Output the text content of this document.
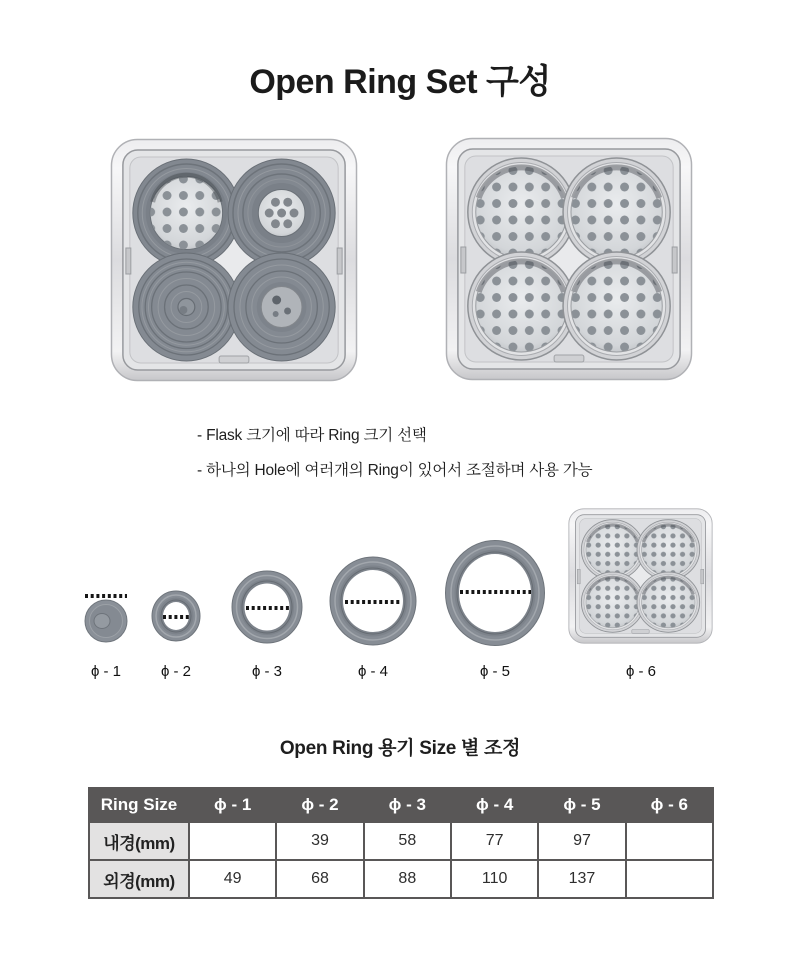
Open Ring Set 구성

- Flask 크기에 따라 Ring 크기 선택

- 하나의 Hole에 여러개의 Ring이 있어서 조절하며 사용 가능

ϕ - 1	ϕ - 2	ϕ - 3	ϕ - 4	ϕ - 5	ϕ - 6
Open Ring 용기 Size 별 조정
Ring Size	ϕ - 1	ϕ - 2	ϕ - 3	ϕ - 4	ϕ - 5	ϕ - 6
내경(mm)		39	58	77	97	
외경(mm)	49	68	88	110	137	
